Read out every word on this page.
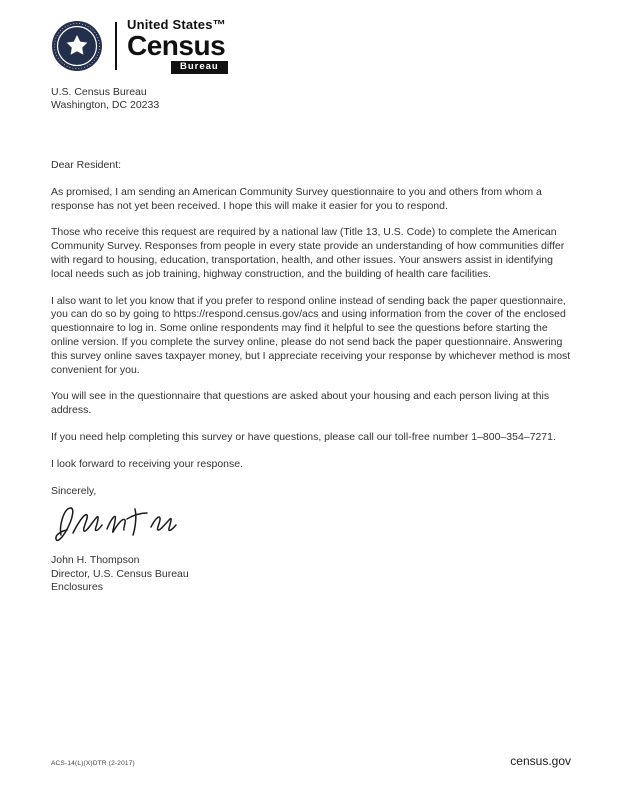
United States™
Census
Bureau
U.S. Census Bureau
Washington, DC 20233

Dear Resident:

As promised, I am sending an American Community Survey questionnaire to you and others from whom a response has not yet been received. I hope this will make it easier for you to respond.

Those who receive this request are required by a national law (Title 13, U.S. Code) to complete the American Community Survey. Responses from people in every state provide an understanding of how communities differ with regard to housing, education, transportation, health, and other issues. Your answers assist in identifying local needs such as job training, highway construction, and the building of health care facilities.

I also want to let you know that if you prefer to respond online instead of sending back the paper questionnaire, you can do so by going to https://respond.census.gov/acs and using information from the cover of the enclosed questionnaire to log in. Some online respondents may find it helpful to see the questions before starting the online version. If you complete the survey online, please do not send back the paper questionnaire. Answering this survey online saves taxpayer money, but I appreciate receiving your response by whichever method is most convenient for you.

You will see in the questionnaire that questions are asked about your housing and each person living at this address.

If you need help completing this survey or have questions, please call our toll-free number 1–800–354–7271.

I look forward to receiving your response.

Sincerely,

John H. Thompson
Director, U.S. Census Bureau

Enclosures

ACS-14(L)(X)DTR (2-2017)	census.gov
